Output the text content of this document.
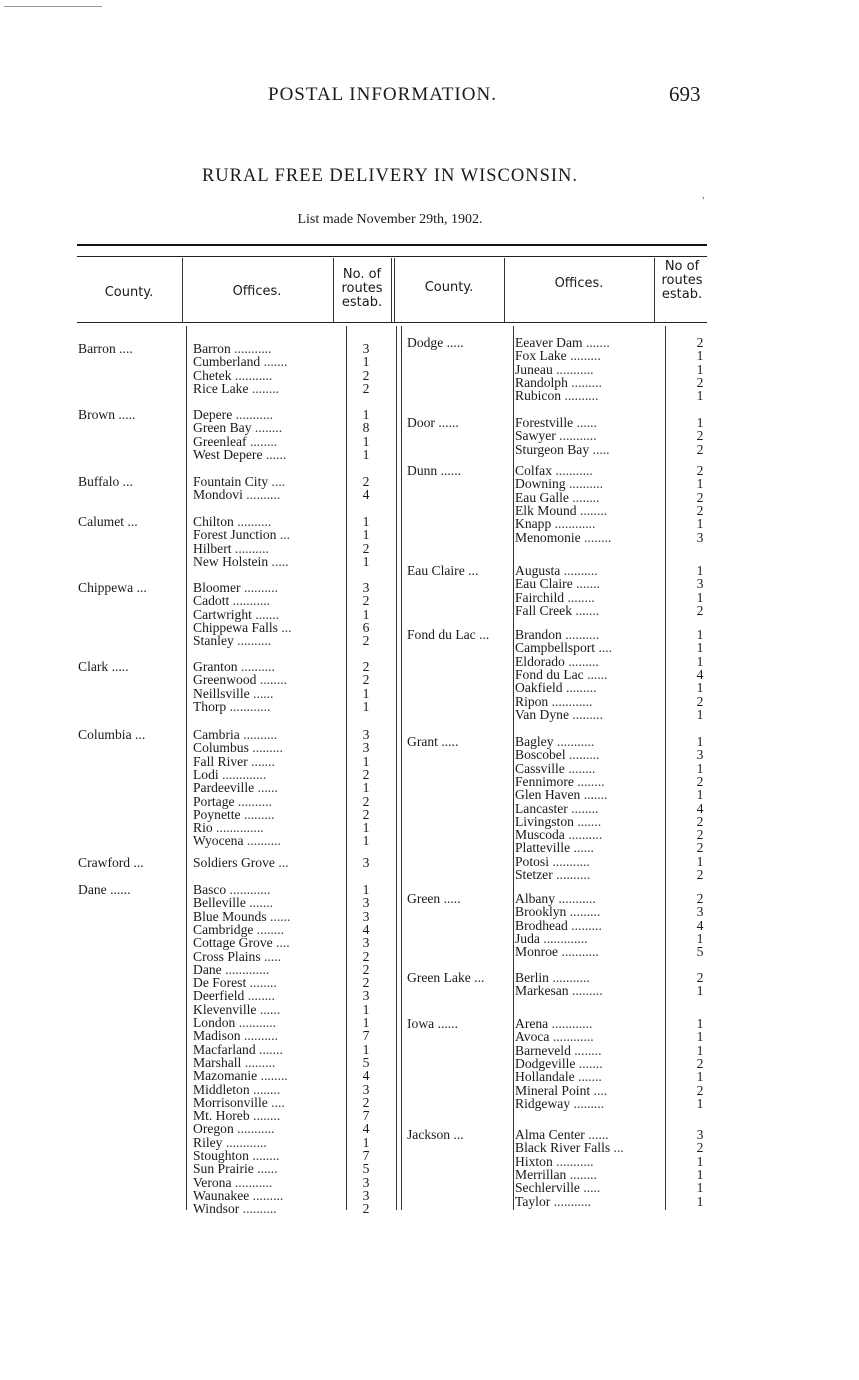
POSTAL INFORMATION.	693
RURAL FREE DELIVERY IN WISCONSIN.
List made November 29th, 1902.
,
County.	Offices.
No. of
routes
estab.
County.	Offices.
No of
routes
estab.
Barron ....	Barron ...........	3
Cumberland .......	1
Chetek ...........	2
Rice Lake ........	2
Brown .....	Depere ...........	1
Green Bay ........	8
Greenleaf ........	1
West Depere ......	1
Buffalo ...	Fountain City ....	2
Mondovi ..........	4
Calumet ...	Chilton ..........	1
Forest Junction ...	1
Hilbert ..........	2
New Holstein .....	1
Chippewa ...	Bloomer ..........	3
Cadott ...........	2
Cartwright .......	1
Chippewa Falls ...	6
Stanley ..........	2
Clark .....	Granton ..........	2
Greenwood ........	2
Neillsville ......	1
Thorp ............	1
Columbia ...	Cambria ..........	3
Columbus .........	3
Fall River .......	1
Lodi .............	2
Pardeeville ......	1
Portage ..........	2
Poynette .........	2
Rio ..............	1
Wyocena ..........	1
Crawford ...	Soldiers Grove ...	3
Dane ......	Basco ............	1
Belleville .......	3
Blue Mounds ......	3
Cambridge ........	4
Cottage Grove ....	3
Cross Plains .....	2
Dane .............	2
De Forest ........	2
Deerfield ........	3
Klevenville ......	1
London ...........	1
Madison ..........	7
Macfarland .......	1
Marshall .........	5
Mazomanie ........	4
Middleton ........	3
Morrisonville ....	2
Mt. Horeb ........	7
Oregon ...........	4
Riley ............	1
Stoughton ........	7
Sun Prairie ......	5
Verona ...........	3
Waunakee .........	3
Windsor ..........	2
Dodge .....	Eeaver Dam .......	2
Fox Lake .........	1
Juneau ...........	1
Randolph .........	2
Rubicon ..........	1
Door ......	Forestville ......	1
Sawyer ...........	2
Sturgeon Bay .....	2
Dunn ......	Colfax ...........	2
Downing ..........	1
Eau Galle ........	2
Elk Mound ........	2
Knapp ............	1
Menomonie ........	3
Eau Claire ...	Augusta ..........	1
Eau Claire .......	3
Fairchild ........	1
Fall Creek .......	2
Fond du Lac ...	Brandon ..........	1
Campbellsport ....	1
Eldorado .........	1
Fond du Lac ......	4
Oakfield .........	1
Ripon ............	2
Van Dyne .........	1
Grant .....	Bagley ...........	1
Boscobel .........	3
Cassville ........	1
Fennimore ........	2
Glen Haven .......	1
Lancaster ........	4
Livingston .......	2
Muscoda ..........	2
Platteville ......	2
Potosi ...........	1
Stetzer ..........	2
Green .....	Albany ...........	2
Brooklyn .........	3
Brodhead .........	4
Juda .............	1
Monroe ...........	5
Green Lake ...	Berlin ...........	2
Markesan .........	1
Iowa ......	Arena ............	1
Avoca ............	1
Barneveld ........	1
Dodgeville .......	2
Hollandale .......	1
Mineral Point ....	2
Ridgeway .........	1
Jackson ...	Alma Center ......	3
Black River Falls ...	2
Hixton ...........	1
Merrillan ........	1
Sechlerville .....	1
Taylor ...........	1
